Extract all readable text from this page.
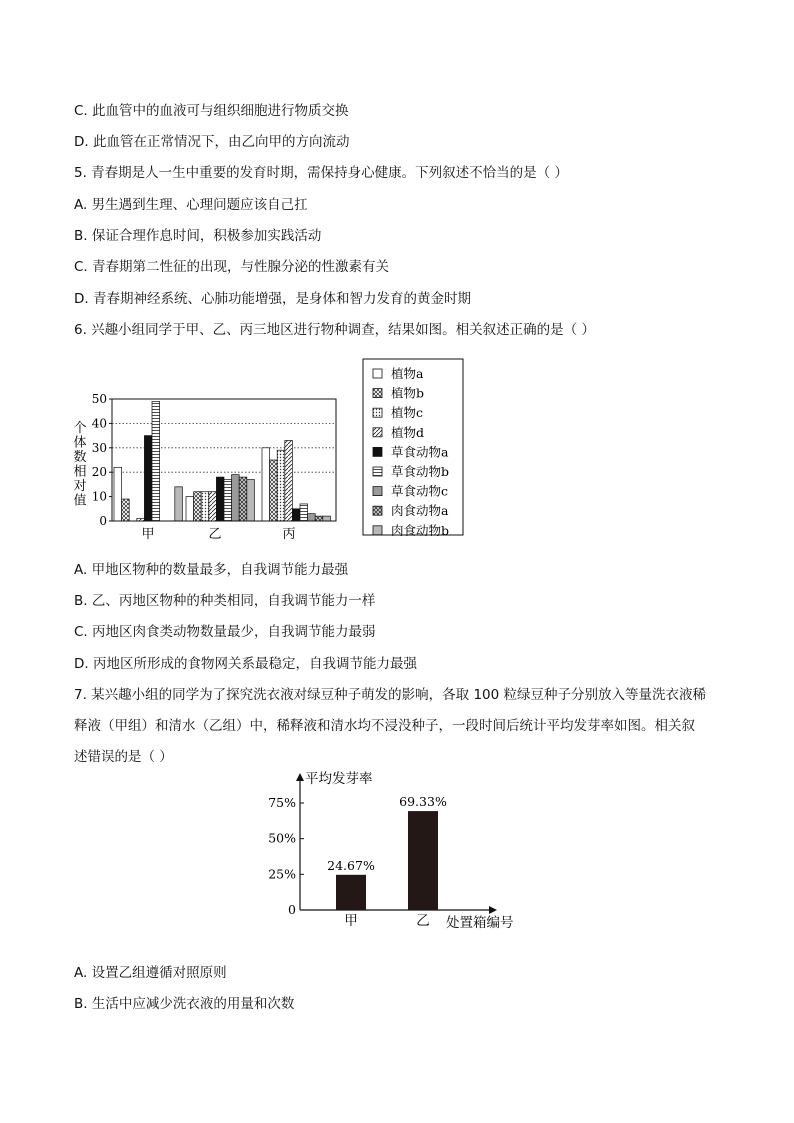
C. 此血管中的血液可与组织细胞进行物质交换
D. 此血管在正常情况下，由乙向甲的方向流动
5. 青春期是人一生中重要的发育时期，需保持身心健康。下列叙述不恰当的是（ ）
A. 男生遇到生理、心理问题应该自己扛
B. 保证合理作息时间，积极参加实践活动
C. 青春期第二性征的出现，与性腺分泌的性激素有关
D. 青春期神经系统、心肺功能增强，是身体和智力发育的黄金时期
6. 兴趣小组同学于甲、乙、丙三地区进行物种调查，结果如图。相关叙述正确的是（ ）
0
10
20
30
40
50
甲	乙	丙
个
体
数
相
对
值
植物a
植物b
植物c
植物d
草食动物a
草食动物b
草食动物c
肉食动物a
肉食动物b
A. 甲地区物种的数量最多，自我调节能力最强
B. 乙、丙地区物种的种类相同，自我调节能力一样
C. 丙地区肉食类动物数量最少，自我调节能力最弱
D. 丙地区所形成的食物网关系最稳定，自我调节能力最强
7. 某兴趣小组的同学为了探究洗衣液对绿豆种子萌发的影响，各取 100 粒绿豆种子分别放入等量洗衣液稀
释液（甲组）和清水（乙组）中，稀释液和清水均不浸没种子，一段时间后统计平均发芽率如图。相关叙
述错误的是（ ）
0
25%
50%
75%
平均发芽率
处置箱编号
24.67%
甲
69.33%
乙
A. 设置乙组遵循对照原则
B. 生活中应减少洗衣液的用量和次数
